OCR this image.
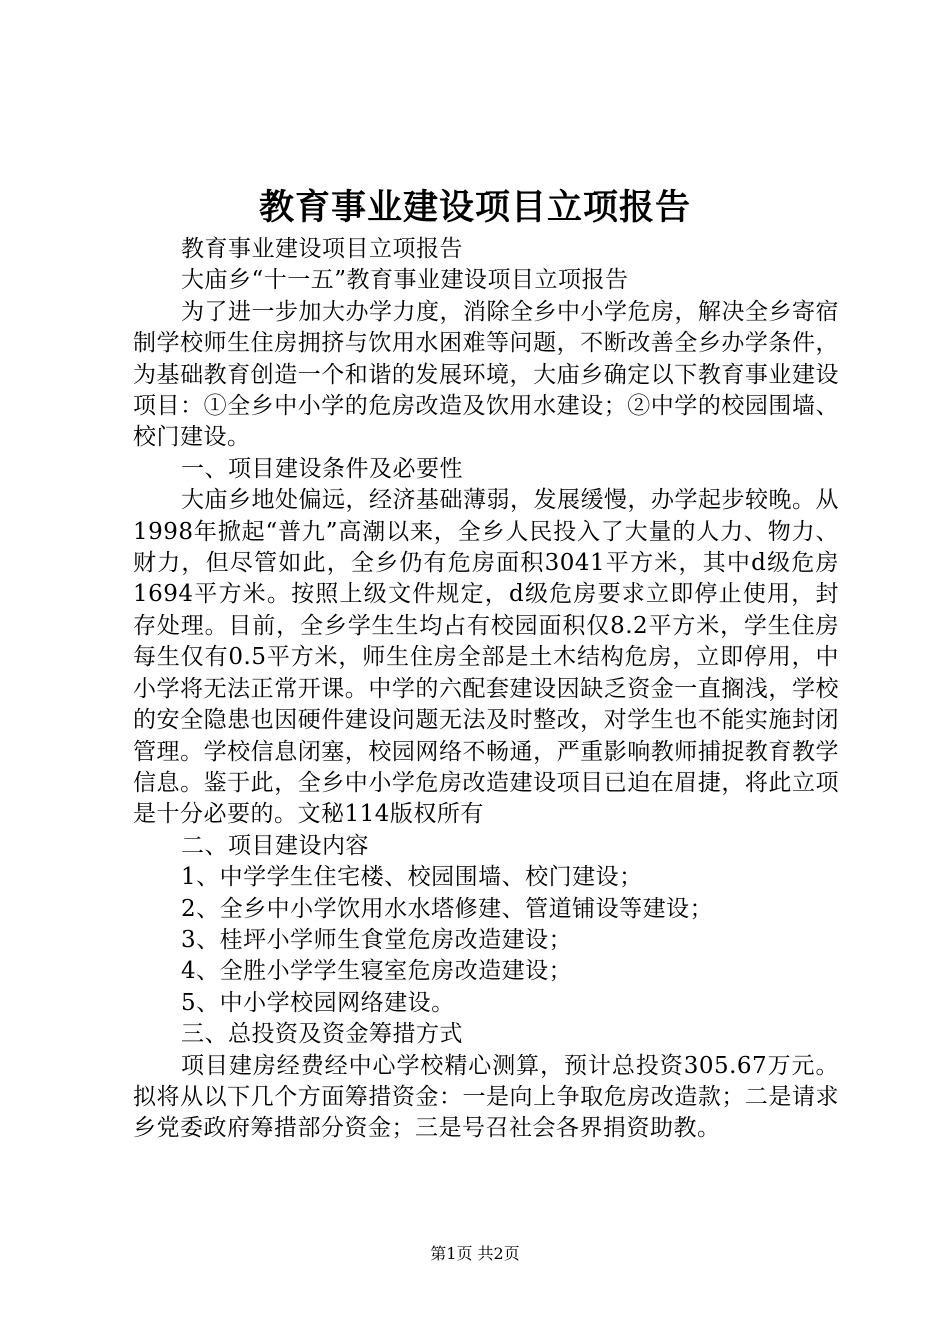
教育事业建设项目立项报告

教育事业建设项目立项报告

大庙乡“十一五”教育事业建设项目立项报告

为了进一步加大办学力度，消除全乡中小学危房，解决全乡寄宿制学校师生住房拥挤与饮用水困难等问题，不断改善全乡办学条件，为基础教育创造一个和谐的发展环境，大庙乡确定以下教育事业建设项目：①全乡中小学的危房改造及饮用水建设；②中学的校园围墙、校门建设。

一、项目建设条件及必要性

大庙乡地处偏远，经济基础薄弱，发展缓慢，办学起步较晚。从1998年掀起“普九”高潮以来，全乡人民投入了大量的人力、物力、财力，但尽管如此，全乡仍有危房面积3041平方米，其中d级危房1694平方米。按照上级文件规定，d级危房要求立即停止使用，封存处理。目前，全乡学生生均占有校园面积仅8.2平方米，学生住房每生仅有0.5平方米，师生住房全部是土木结构危房，立即停用，中小学将无法正常开课。中学的六配套建设因缺乏资金一直搁浅，学校的安全隐患也因硬件建设问题无法及时整改，对学生也不能实施封闭管理。学校信息闭塞，校园网络不畅通，严重影响教师捕捉教育教学信息。鉴于此，全乡中小学危房改造建设项目已迫在眉捷，将此立项是十分必要的。文秘114版权所有

二、项目建设内容

1、中学学生住宅楼、校园围墙、校门建设；

2、全乡中小学饮用水水塔修建、管道铺设等建设；

3、桂坪小学师生食堂危房改造建设；

4、全胜小学学生寝室危房改造建设；

5、中小学校园网络建设。

三、总投资及资金筹措方式

项目建房经费经中心学校精心测算，预计总投资305.67万元。拟将从以下几个方面筹措资金：一是向上争取危房改造款；二是请求乡党委政府筹措部分资金；三是号召社会各界捐资助教。

第1页 共2页
